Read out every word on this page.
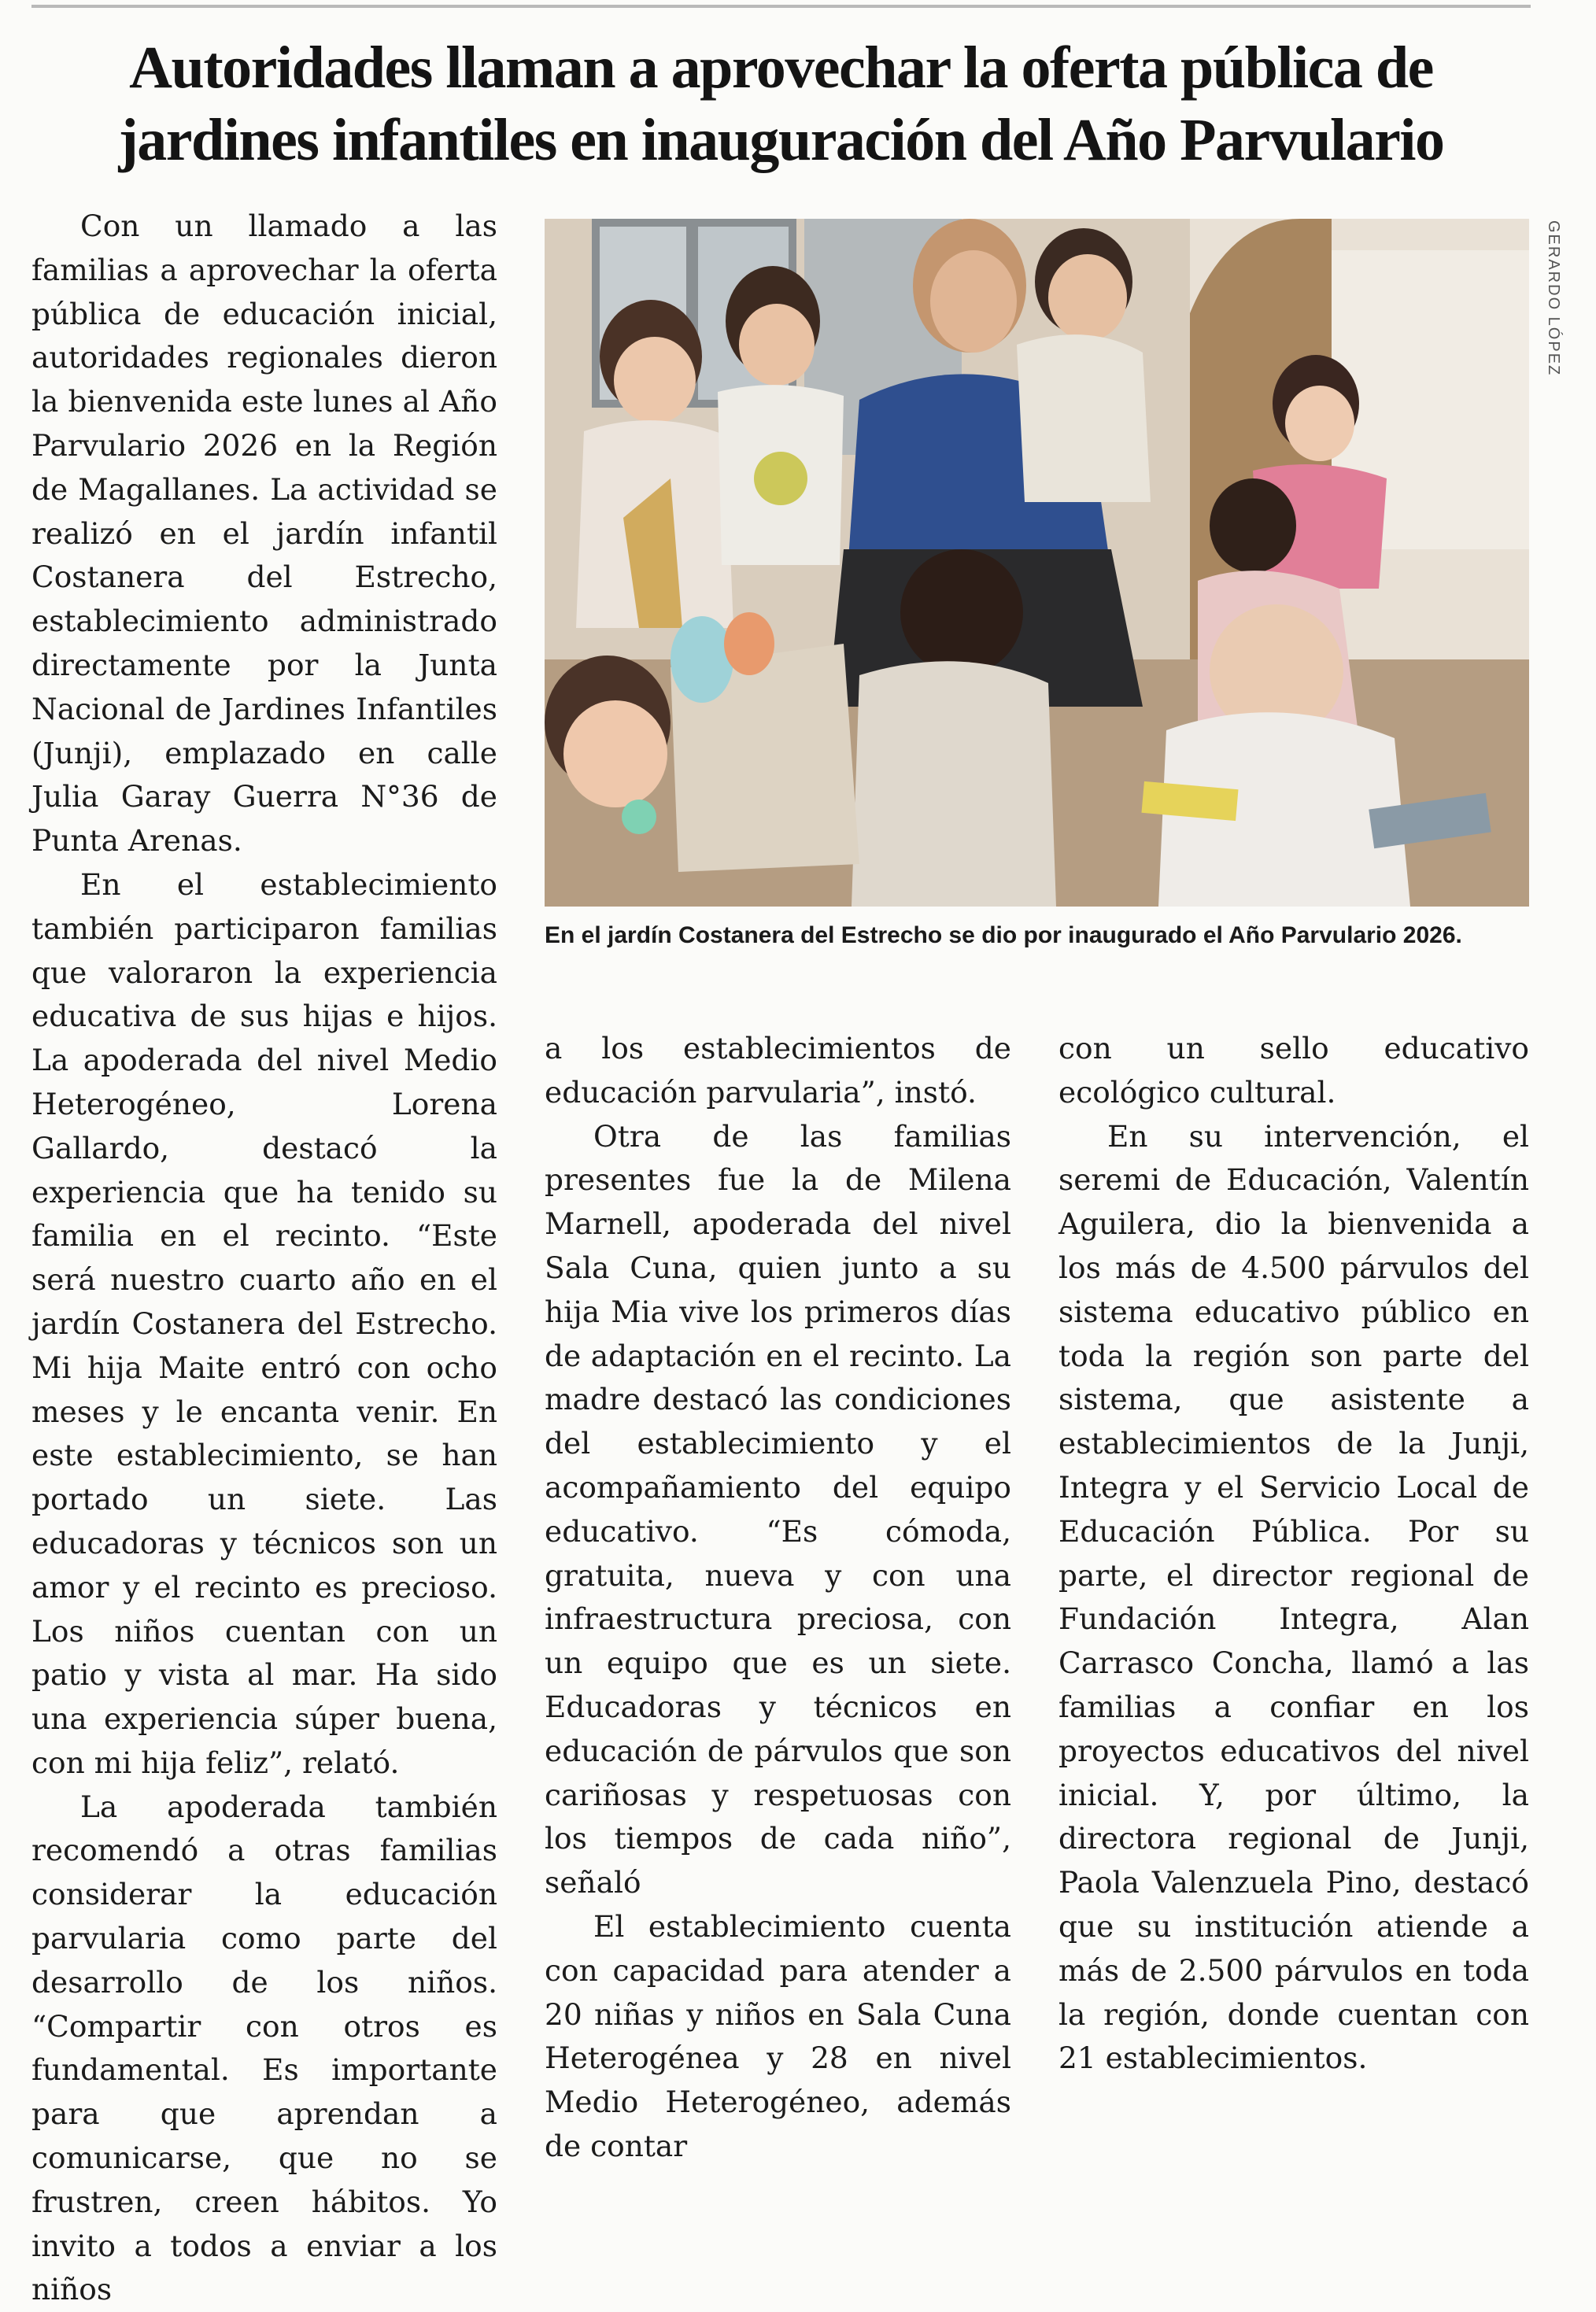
Autoridades llaman a aprovechar la oferta pública de
jardines infantiles en inauguración del Año Parvulario

Con un llamado a las familias a aprovechar la oferta pública de educación inicial, autoridades regionales dieron la bienvenida este lunes al Año Parvulario 2026 en la Región de Magallanes. La actividad se realizó en el jardín infantil Costanera del Estrecho, establecimiento administrado directamente por la Junta Nacional de Jardines Infantiles (Junji), emplazado en calle Julia Garay Guerra N°36 de Punta Arenas.

En el establecimiento también participaron familias que valoraron la experiencia educativa de sus hijas e hijos. La apoderada del nivel Medio Heterogéneo, Lorena Gallardo, destacó la experiencia que ha tenido su familia en el recinto. “Este será nuestro cuarto año en el jardín Costanera del Estrecho. Mi hija Maite entró con ocho meses y le encanta venir. En este establecimiento, se han portado un siete. Las educadoras y técnicos son un amor y el recinto es precioso. Los niños cuentan con un patio y vista al mar. Ha sido una experiencia súper buena, con mi hija feliz”, relató.

La apoderada también recomendó a otras familias considerar la educación parvularia como parte del desarrollo de los niños. “Compartir con otros es fundamental. Es importante para que aprendan a comunicarse, que no se frustren, creen hábitos. Yo invito a todos a enviar a los niños

GERARDO LÓPEZ
En el jardín Costanera del Estrecho se dio por inaugurado el Año Parvulario 2026.

a los establecimientos de educación parvularia”, instó.

Otra de las familias presentes fue la de Milena Marnell, apoderada del nivel Sala Cuna, quien junto a su hija Mia vive los primeros días de adaptación en el recinto. La madre destacó las condiciones del establecimiento y el acompañamiento del equipo educativo. “Es cómoda, gratuita, nueva y con una infraestructura preciosa, con un equipo que es un siete. Educadoras y técnicos en educación de párvulos que son cariñosas y respetuosas con los tiempos de cada niño”, señaló

El establecimiento cuenta con capacidad para atender a 20 niñas y niños en Sala Cuna Heterogénea y 28 en nivel Medio Heterogéneo, además de contar

con un sello educativo ecológico cultural.

En su intervención, el seremi de Educación, Valentín Aguilera, dio la bienvenida a los más de 4.500 párvulos del sistema educativo público en toda la región son parte del sistema, que asistente a establecimientos de la Junji, Integra y el Servicio Local de Educación Pública. Por su parte, el director regional de Fundación Integra, Alan Carrasco Concha, llamó a las familias a confiar en los proyectos educativos del nivel inicial. Y, por último, la directora regional de Junji, Paola Valenzuela Pino, destacó que su institución atiende a más de 2.500 párvulos en toda la región, donde cuentan con 21 establecimientos.
